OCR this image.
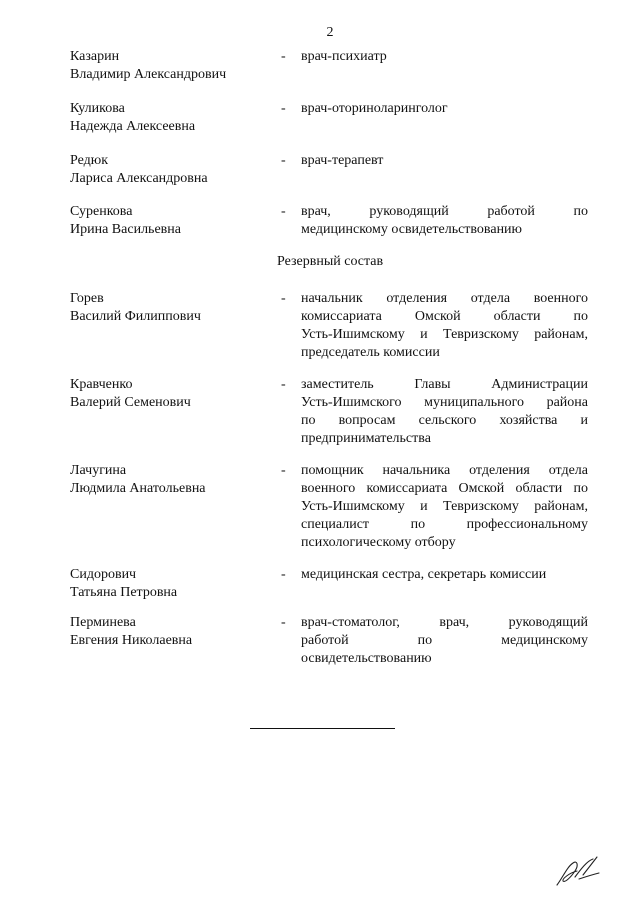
2
Казарин
Владимир Александрович
- врач-психиатр
Куликова
Надежда Алексеевна
- врач-оториноларинголог
Редюк
Лариса Александровна
- врач-терапевт
Суренкова
Ирина Васильевна
- врач, руководящий работой по
медицинскому освидетельствованию
Резервный состав
Горев
Василий Филиппович
- начальник отделения отдела военного
комиссариата Омской области по
Усть-Ишимскому и Тевризскому районам,
председатель комиссии
Кравченко
Валерий Семенович
- заместитель Главы Администрации
Усть-Ишимского муниципального района
по вопросам сельского хозяйства и
предпринимательства
Лачугина
Людмила Анатольевна
- помощник начальника отделения отдела
военного комиссариата Омской области по
Усть-Ишимскому и Тевризскому районам,
специалист по профессиональному
психологическому отбору
Сидорович
Татьяна Петровна
- медицинская сестра, секретарь комиссии
Перминева
Евгения Николаевна
- врач-стоматолог, врач, руководящий
работой по медицинскому
освидетельствованию
